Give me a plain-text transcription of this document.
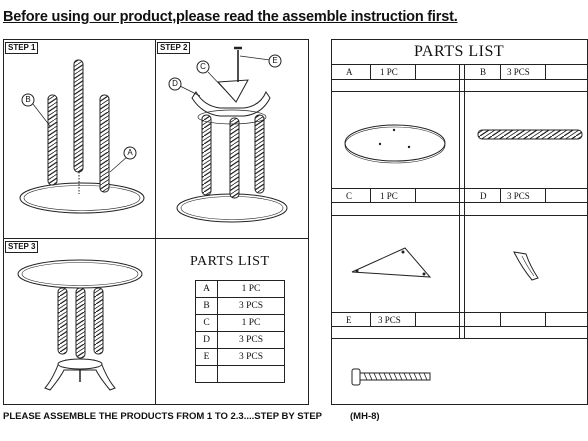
Before using our product,please read the assemble instruction first.
STEP 1
B
A
STEP 2
E
C
D
STEP 3
PARTS LIST
A	1 PC
B	3 PCS
C	1 PC
D	3 PCS
E	3 PCS

PARTS LIST
A	1 PC	B 3 PCS
C	1 PC	D 3 PCS
E	3 PCS
PLEASE ASSEMBLE THE PRODUCTS FROM 1 TO 2.3....STEP BY STEP	(MH-8)
